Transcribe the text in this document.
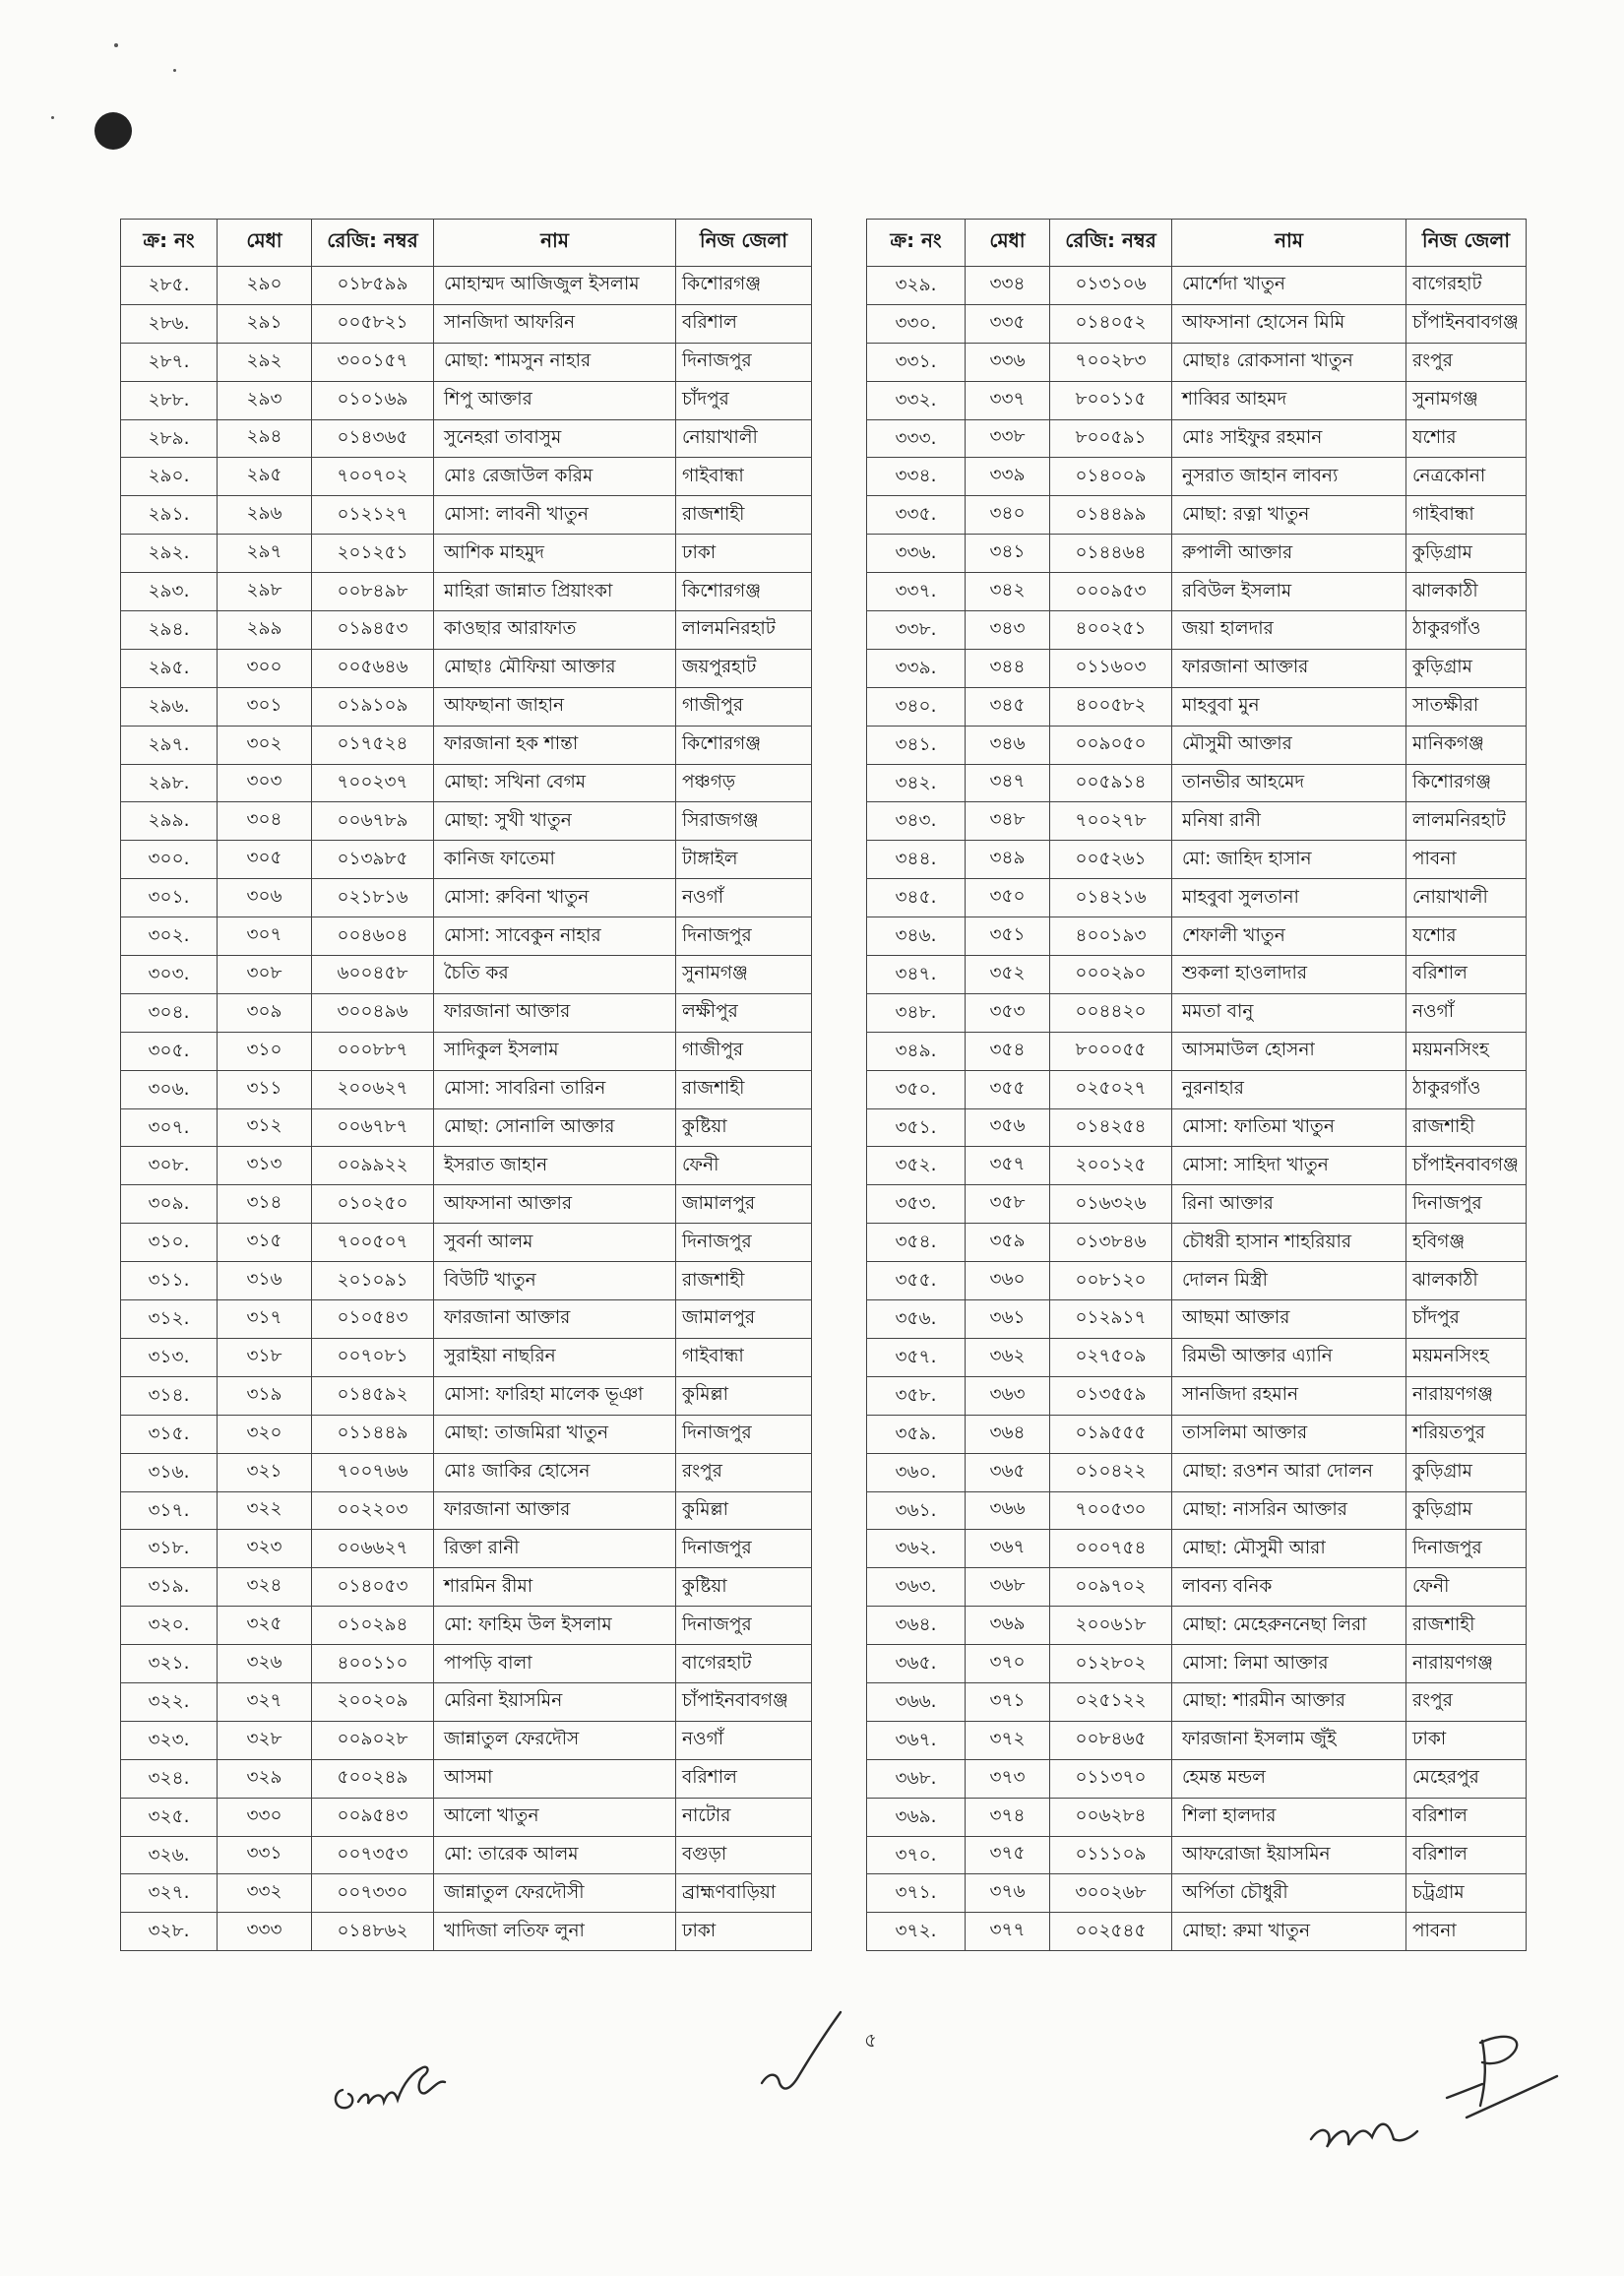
ক্র: নং	মেধা	রেজি: নম্বর	নাম	নিজ জেলা
২৮৫.	২৯০	০১৮৫৯৯	মোহাম্মদ আজিজুল ইসলাম	কিশোরগঞ্জ
২৮৬.	২৯১	০০৫৮২১	সানজিদা আফরিন	বরিশাল
২৮৭.	২৯২	৩০০১৫৭	মোছা: শামসুন নাহার	দিনাজপুর
২৮৮.	২৯৩	০১০১৬৯	শিপু আক্তার	চাঁদপুর
২৮৯.	২৯৪	০১৪৩৬৫	সুনেহরা তাবাসুম	নোয়াখালী
২৯০.	২৯৫	৭০০৭০২	মোঃ রেজাউল করিম	গাইবান্ধা
২৯১.	২৯৬	০১২১২৭	মোসা: লাবনী খাতুন	রাজশাহী
২৯২.	২৯৭	২০১২৫১	আশিক মাহমুদ	ঢাকা
২৯৩.	২৯৮	০০৮৪৯৮	মাহিরা জান্নাত প্রিয়াংকা	কিশোরগঞ্জ
২৯৪.	২৯৯	০১৯৪৫৩	কাওছার আরাফাত	লালমনিরহাট
২৯৫.	৩০০	০০৫৬৪৬	মোছাঃ মৌফিয়া আক্তার	জয়পুরহাট
২৯৬.	৩০১	০১৯১০৯	আফছানা জাহান	গাজীপুর
২৯৭.	৩০২	০১৭৫২৪	ফারজানা হক শান্তা	কিশোরগঞ্জ
২৯৮.	৩০৩	৭০০২৩৭	মোছা: সখিনা বেগম	পঞ্চগড়
২৯৯.	৩০৪	০০৬৭৮৯	মোছা: সুখী খাতুন	সিরাজগঞ্জ
৩০০.	৩০৫	০১৩৯৮৫	কানিজ ফাতেমা	টাঙ্গাইল
৩০১.	৩০৬	০২১৮১৬	মোসা: রুবিনা খাতুন	নওগাঁ
৩০২.	৩০৭	০০৪৬০৪	মোসা: সাবেকুন নাহার	দিনাজপুর
৩০৩.	৩০৮	৬০০৪৫৮	চৈতি কর	সুনামগঞ্জ
৩০৪.	৩০৯	৩০০৪৯৬	ফারজানা আক্তার	লক্ষীপুর
৩০৫.	৩১০	০০০৮৮৭	সাদিকুল ইসলাম	গাজীপুর
৩০৬.	৩১১	২০০৬২৭	মোসা: সাবরিনা তারিন	রাজশাহী
৩০৭.	৩১২	০০৬৭৮৭	মোছা: সোনালি আক্তার	কুষ্টিয়া
৩০৮.	৩১৩	০০৯৯২২	ইসরাত জাহান	ফেনী
৩০৯.	৩১৪	০১০২৫০	আফসানা আক্তার	জামালপুর
৩১০.	৩১৫	৭০০৫০৭	সুবর্না আলম	দিনাজপুর
৩১১.	৩১৬	২০১০৯১	বিউটি খাতুন	রাজশাহী
৩১২.	৩১৭	০১০৫৪৩	ফারজানা আক্তার	জামালপুর
৩১৩.	৩১৮	০০৭০৮১	সুরাইয়া নাছরিন	গাইবান্ধা
৩১৪.	৩১৯	০১৪৫৯২	মোসা: ফারিহা মালেক ভূঞা	কুমিল্লা
৩১৫.	৩২০	০১১৪৪৯	মোছা: তাজমিরা খাতুন	দিনাজপুর
৩১৬.	৩২১	৭০০৭৬৬	মোঃ জাকির হোসেন	রংপুর
৩১৭.	৩২২	০০২২০৩	ফারজানা আক্তার	কুমিল্লা
৩১৮.	৩২৩	০০৬৬২৭	রিক্তা রানী	দিনাজপুর
৩১৯.	৩২৪	০১৪০৫৩	শারমিন রীমা	কুষ্টিয়া
৩২০.	৩২৫	০১০২৯৪	মো: ফাহিম উল ইসলাম	দিনাজপুর
৩২১.	৩২৬	৪০০১১০	পাপড়ি বালা	বাগেরহাট
৩২২.	৩২৭	২০০২০৯	মেরিনা ইয়াসমিন	চাঁপাইনবাবগঞ্জ
৩২৩.	৩২৮	০০৯০২৮	জান্নাতুল ফেরদৌস	নওগাঁ
৩২৪.	৩২৯	৫০০২৪৯	আসমা	বরিশাল
৩২৫.	৩৩০	০০৯৫৪৩	আলো খাতুন	নাটোর
৩২৬.	৩৩১	০০৭৩৫৩	মো: তারেক আলম	বগুড়া
৩২৭.	৩৩২	০০৭৩৩০	জান্নাতুল ফেরদৌসী	ব্রাহ্মণবাড়িয়া
৩২৮.	৩৩৩	০১৪৮৬২	খাদিজা লতিফ লুনা	ঢাকা
ক্র: নং	মেধা	রেজি: নম্বর	নাম	নিজ জেলা
৩২৯.	৩৩৪	০১৩১০৬	মোর্শেদা খাতুন	বাগেরহাট
৩৩০.	৩৩৫	০১৪০৫২	আফসানা হোসেন মিমি	চাঁপাইনবাবগঞ্জ
৩৩১.	৩৩৬	৭০০২৮৩	মোছাঃ রোকসানা খাতুন	রংপুর
৩৩২.	৩৩৭	৮০০১১৫	শাব্বির আহমদ	সুনামগঞ্জ
৩৩৩.	৩৩৮	৮০০৫৯১	মোঃ সাইফুর রহমান	যশোর
৩৩৪.	৩৩৯	০১৪০০৯	নুসরাত জাহান লাবন্য	নেত্রকোনা
৩৩৫.	৩৪০	০১৪৪৯৯	মোছা: রত্না খাতুন	গাইবান্ধা
৩৩৬.	৩৪১	০১৪৪৬৪	রুপালী আক্তার	কুড়িগ্রাম
৩৩৭.	৩৪২	০০০৯৫৩	রবিউল ইসলাম	ঝালকাঠী
৩৩৮.	৩৪৩	৪০০২৫১	জয়া হালদার	ঠাকুরগাঁও
৩৩৯.	৩৪৪	০১১৬০৩	ফারজানা আক্তার	কুড়িগ্রাম
৩৪০.	৩৪৫	৪০০৫৮২	মাহবুবা মুন	সাতক্ষীরা
৩৪১.	৩৪৬	০০৯০৫০	মৌসুমী আক্তার	মানিকগঞ্জ
৩৪২.	৩৪৭	০০৫৯১৪	তানভীর আহমেদ	কিশোরগঞ্জ
৩৪৩.	৩৪৮	৭০০২৭৮	মনিষা রানী	লালমনিরহাট
৩৪৪.	৩৪৯	০০৫২৬১	মো: জাহিদ হাসান	পাবনা
৩৪৫.	৩৫০	০১৪২১৬	মাহবুবা সুলতানা	নোয়াখালী
৩৪৬.	৩৫১	৪০০১৯৩	শেফালী খাতুন	যশোর
৩৪৭.	৩৫২	০০০২৯০	শুকলা হাওলাদার	বরিশাল
৩৪৮.	৩৫৩	০০৪৪২০	মমতা বানু	নওগাঁ
৩৪৯.	৩৫৪	৮০০০৫৫	আসমাউল হোসনা	ময়মনসিংহ
৩৫০.	৩৫৫	০২৫০২৭	নুরনাহার	ঠাকুরগাঁও
৩৫১.	৩৫৬	০১৪২৫৪	মোসা: ফাতিমা খাতুন	রাজশাহী
৩৫২.	৩৫৭	২০০১২৫	মোসা: সাহিদা খাতুন	চাঁপাইনবাবগঞ্জ
৩৫৩.	৩৫৮	০১৬৩২৬	রিনা আক্তার	দিনাজপুর
৩৫৪.	৩৫৯	০১৩৮৪৬	চৌধরী হাসান শাহরিয়ার	হবিগঞ্জ
৩৫৫.	৩৬০	০০৮১২০	দোলন মিস্ত্রী	ঝালকাঠী
৩৫৬.	৩৬১	০১২৯১৭	আছমা আক্তার	চাঁদপুর
৩৫৭.	৩৬২	০২৭৫০৯	রিমভী আক্তার এ্যানি	ময়মনসিংহ
৩৫৮.	৩৬৩	০১৩৫৫৯	সানজিদা রহমান	নারায়ণগঞ্জ
৩৫৯.	৩৬৪	০১৯৫৫৫	তাসলিমা আক্তার	শরিয়তপুর
৩৬০.	৩৬৫	০১০৪২২	মোছা: রওশন আরা দোলন	কুড়িগ্রাম
৩৬১.	৩৬৬	৭০০৫৩০	মোছা: নাসরিন আক্তার	কুড়িগ্রাম
৩৬২.	৩৬৭	০০০৭৫৪	মোছা: মৌসুমী আরা	দিনাজপুর
৩৬৩.	৩৬৮	০০৯৭০২	লাবন্য বনিক	ফেনী
৩৬৪.	৩৬৯	২০০৬১৮	মোছা: মেহেরুননেছা লিরা	রাজশাহী
৩৬৫.	৩৭০	০১২৮০২	মোসা: লিমা আক্তার	নারায়ণগঞ্জ
৩৬৬.	৩৭১	০২৫১২২	মোছা: শারমীন আক্তার	রংপুর
৩৬৭.	৩৭২	০০৮৪৬৫	ফারজানা ইসলাম জুঁই	ঢাকা
৩৬৮.	৩৭৩	০১১৩৭০	হেমন্ত মন্ডল	মেহেরপুর
৩৬৯.	৩৭৪	০০৬২৮৪	শিলা হালদার	বরিশাল
৩৭০.	৩৭৫	০১১১০৯	আফরোজা ইয়াসমিন	বরিশাল
৩৭১.	৩৭৬	৩০০২৬৮	অর্পিতা চৌধুরী	চট্রগ্রাম
৩৭২.	৩৭৭	০০২৫৪৫	মোছা: রুমা খাতুন	পাবনা
৫
